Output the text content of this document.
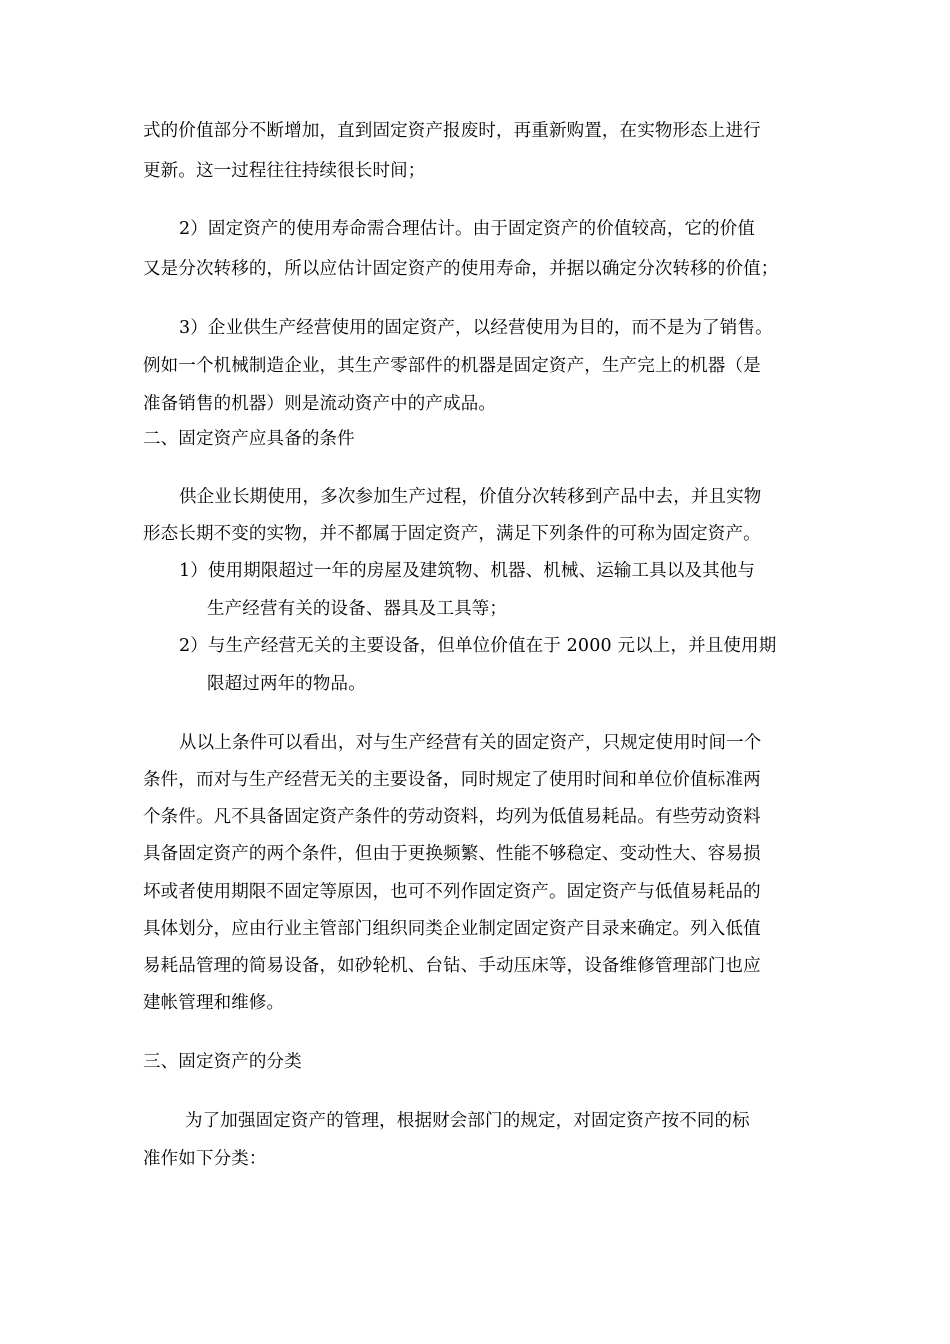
式的价值部分不断增加，直到固定资产报废时，再重新购置，在实物形态上进行
更新。这一过程往往持续很长时间；
2）固定资产的使用寿命需合理估计。由于固定资产的价值较高，它的价值
又是分次转移的，所以应估计固定资产的使用寿命，并据以确定分次转移的价值；
3）企业供生产经营使用的固定资产，以经营使用为目的，而不是为了销售。
例如一个机械制造企业，其生产零部件的机器是固定资产，生产完上的机器（是
准备销售的机器）则是流动资产中的产成品。
二、固定资产应具备的条件
供企业长期使用，多次参加生产过程，价值分次转移到产品中去，并且实物
形态长期不变的实物，并不都属于固定资产，满足下列条件的可称为固定资产。
1）使用期限超过一年的房屋及建筑物、机器、机械、运输工具以及其他与
生产经营有关的设备、器具及工具等；
2）与生产经营无关的主要设备，但单位价值在于 2000 元以上，并且使用期
限超过两年的物品。
从以上条件可以看出，对与生产经营有关的固定资产，只规定使用时间一个
条件，而对与生产经营无关的主要设备，同时规定了使用时间和单位价值标准两
个条件。凡不具备固定资产条件的劳动资料，均列为低值易耗品。有些劳动资料
具备固定资产的两个条件，但由于更换频繁、性能不够稳定、变动性大、容易损
坏或者使用期限不固定等原因，也可不列作固定资产。固定资产与低值易耗品的
具体划分，应由行业主管部门组织同类企业制定固定资产目录来确定。列入低值
易耗品管理的简易设备，如砂轮机、台钻、手动压床等，设备维修管理部门也应
建帐管理和维修。
三、固定资产的分类
为了加强固定资产的管理，根据财会部门的规定，对固定资产按不同的标
准作如下分类：
